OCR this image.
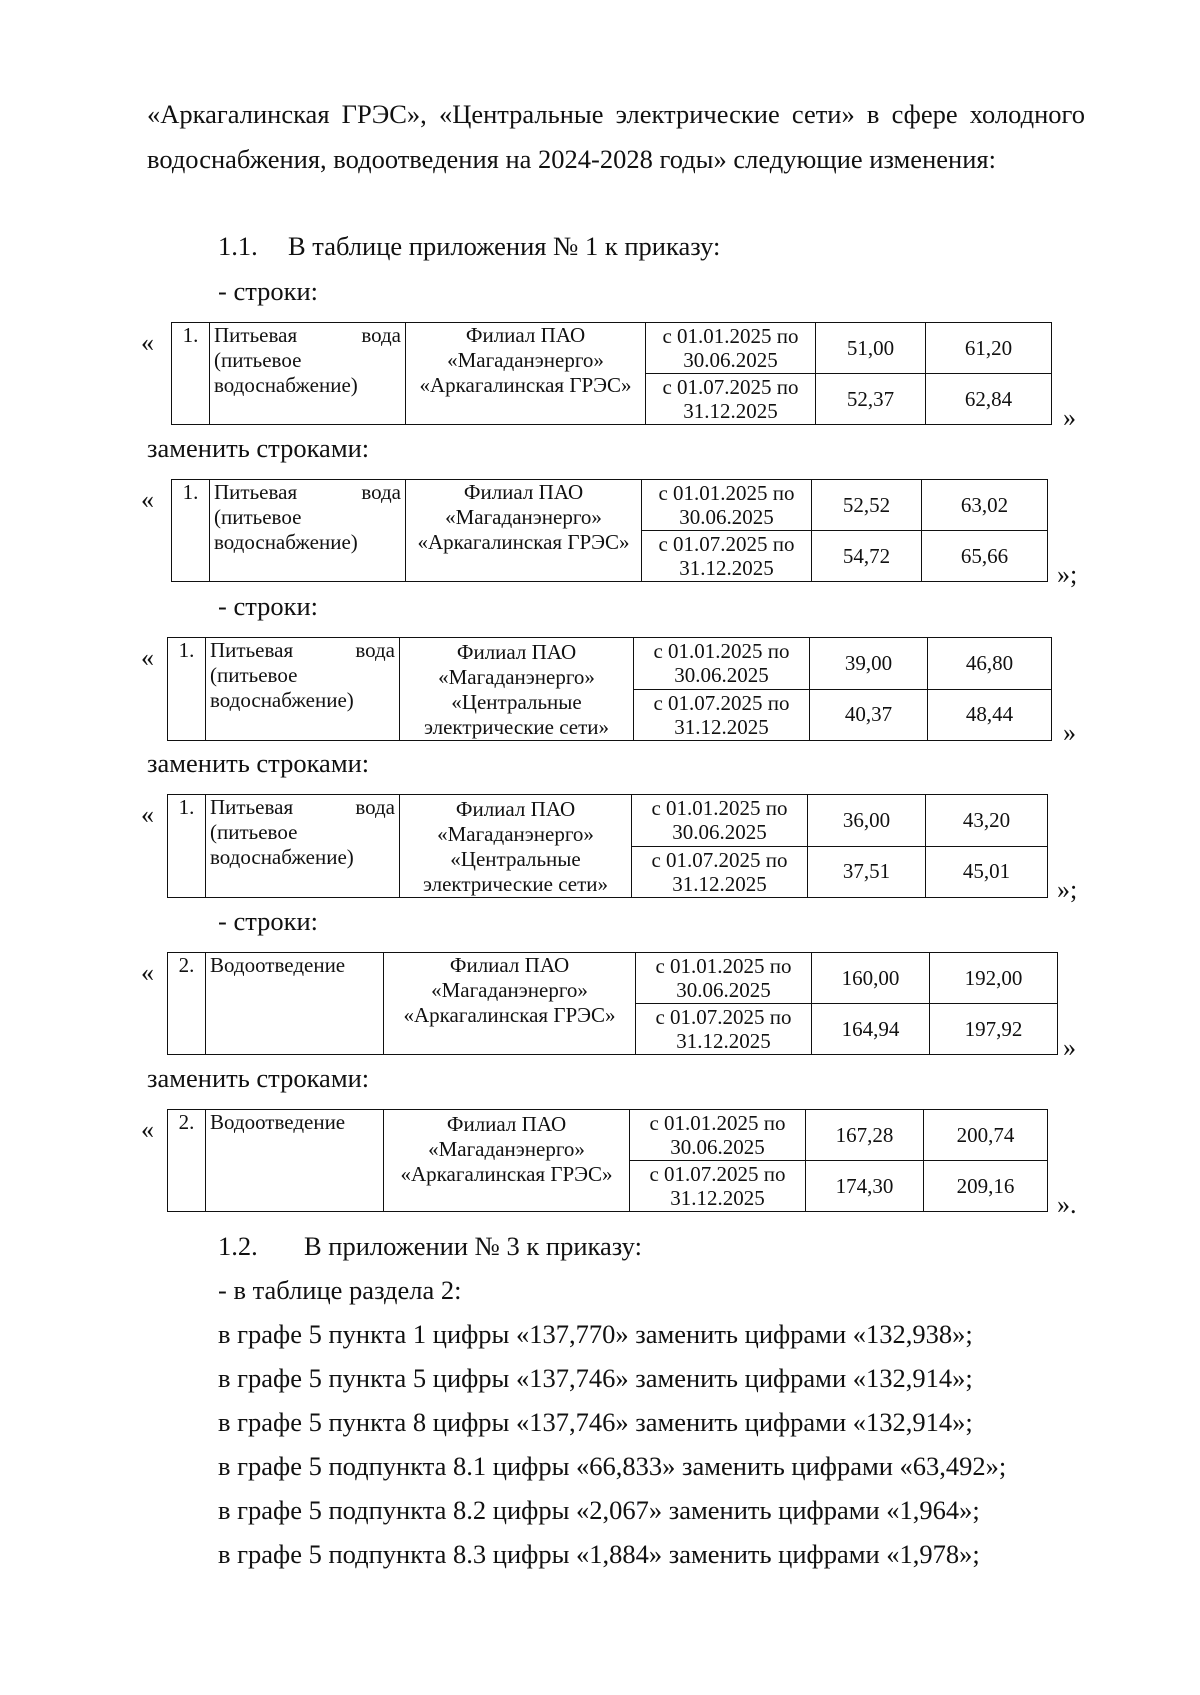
«Аркагалинская ГРЭС», «Центральные электрические сети» в сфере холодного водоснабжения, водоотведения на 2024-2028 годы» следующие изменения:
1.1. В таблице приложения № 1 к приказу:
- строки:
« 1.	Питьевая вода (питьевое водоснабжение)	Филиал ПАО «Магаданэнерго» «Аркагалинская ГРЭС»	с 01.01.2025 по 30.06.2025	51,00	61,20
			с 01.07.2025 по 31.12.2025	52,37	62,84
»
заменить строками:
« 1.	Питьевая вода (питьевое водоснабжение)	Филиал ПАО «Магаданэнерго» «Аркагалинская ГРЭС»	с 01.01.2025 по 30.06.2025	52,52	63,02
			с 01.07.2025 по 31.12.2025	54,72	65,66
»;
- строки:
« 1.	Питьевая вода (питьевое водоснабжение)	Филиал ПАО «Магаданэнерго» «Центральные электрические сети»	с 01.01.2025 по 30.06.2025	39,00	46,80
			с 01.07.2025 по 31.12.2025	40,37	48,44
»
заменить строками:
« 1.	Питьевая вода (питьевое водоснабжение)	Филиал ПАО «Магаданэнерго» «Центральные электрические сети»	с 01.01.2025 по 30.06.2025	36,00	43,20
			с 01.07.2025 по 31.12.2025	37,51	45,01
»;
- строки:
« 2.	Водоотведение	Филиал ПАО «Магаданэнерго» «Аркагалинская ГРЭС»	с 01.01.2025 по 30.06.2025	160,00	192,00
			с 01.07.2025 по 31.12.2025	164,94	197,92
»
заменить строками:
« 2.	Водоотведение	Филиал ПАО «Магаданэнерго» «Аркагалинская ГРЭС»	с 01.01.2025 по 30.06.2025	167,28	200,74
			с 01.07.2025 по 31.12.2025	174,30	209,16
».
1.2. В приложении № 3 к приказу:
- в таблице раздела 2:
в графе 5 пункта 1 цифры «137,770» заменить цифрами «132,938»;
в графе 5 пункта 5 цифры «137,746» заменить цифрами «132,914»;
в графе 5 пункта 8 цифры «137,746» заменить цифрами «132,914»;
в графе 5 подпункта 8.1 цифры «66,833» заменить цифрами «63,492»;
в графе 5 подпункта 8.2 цифры «2,067» заменить цифрами «1,964»;
в графе 5 подпункта 8.3 цифры «1,884» заменить цифрами «1,978»;
